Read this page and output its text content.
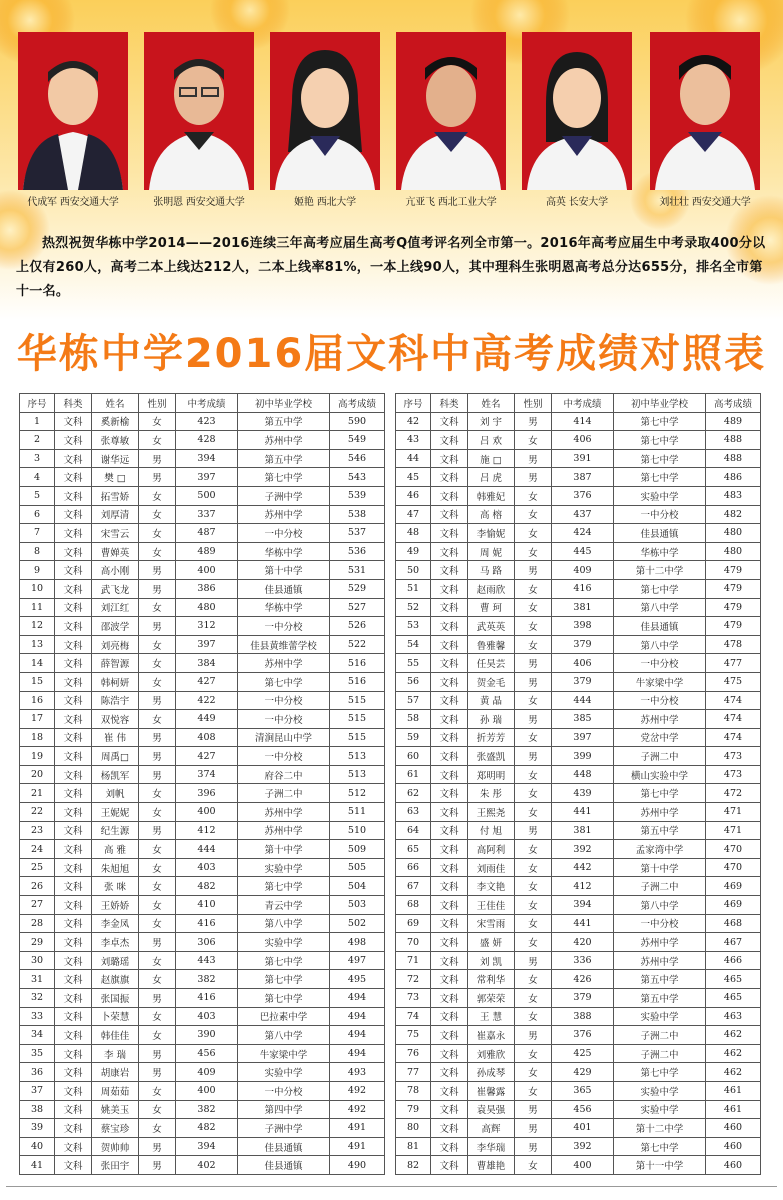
代成军 西安交通大学	张明恩 西安交通大学	姬艳 西北大学	亢亚飞 西北工业大学	高英 长安大学	刘壮壮 西安交通大学
热烈祝贺华栋中学2014——2016连续三年高考应届生高考Q值考评名列全市第一。2016年高考应届生中考录取400分以上仅有260人，高考二本上线达212人，二本上线率81%，一本上线90人，其中理科生张明恩高考总分达655分，排名全市第十一名。
华栋中学2016届文科中高考成绩对照表
序号	科类	姓名	性别	中考成绩	初中毕业学校	高考成绩
1	文科	奚新榆	女	423	第五中学	590
2	文科	张尊敏	女	428	苏州中学	549
3	文科	谢华远	男	394	第五中学	546
4	文科	樊 □	男	397	第七中学	543
5	文科	拓雪娇	女	500	子洲中学	539
6	文科	刘厚清	女	337	苏州中学	538
7	文科	宋雪云	女	487	一中分校	537
8	文科	曹婵英	女	489	华栋中学	536
9	文科	高小刚	男	400	第十中学	531
10	文科	武飞龙	男	386	佳县通镇	529
11	文科	刘江红	女	480	华栋中学	527
12	文科	邵波学	男	312	一中分校	526
13	文科	刘亮梅	女	397	佳县黄维蕾学校	522
14	文科	薛智源	女	384	苏州中学	516
15	文科	韩柯妍	女	427	第七中学	516
16	文科	陈浩宇	男	422	一中分校	515
17	文科	双悦容	女	449	一中分校	515
18	文科	崔 伟	男	408	清涧昆山中学	515
19	文科	周禹□	男	427	一中分校	513
20	文科	杨凯军	男	374	府谷二中	513
21	文科	刘帆	女	396	子洲二中	512
22	文科	王妮妮	女	400	苏州中学	511
23	文科	纪生源	男	412	苏州中学	510
24	文科	高 雅	女	444	第十中学	509
25	文科	朱旭旭	女	403	实验中学	505
26	文科	张 咪	女	482	第七中学	504
27	文科	王娇娇	女	410	青云中学	503
28	文科	李金凤	女	416	第八中学	502
29	文科	李卓杰	男	306	实验中学	498
30	文科	刘璐瑶	女	443	第七中学	497
31	文科	赵旗旗	女	382	第七中学	495
32	文科	张国振	男	416	第七中学	494
33	文科	卜荣慧	女	403	巴拉素中学	494
34	文科	韩佳佳	女	390	第八中学	494
35	文科	李 瑞	男	456	牛家梁中学	494
36	文科	胡康岩	男	409	实验中学	493
37	文科	周茹茹	女	400	一中分校	492
38	文科	姚美玉	女	382	第四中学	492
39	文科	蔡宝珍	女	482	子洲中学	491
40	文科	贺帅帅	男	394	佳县通镇	491
41	文科	张田宇	男	402	佳县通镇	490
序号	科类	姓名	性别	中考成绩	初中毕业学校	高考成绩
42	文科	刘 宇	男	414	第七中学	489
43	文科	吕 欢	女	406	第七中学	488
44	文科	施 □	男	391	第七中学	488
45	文科	吕 虎	男	387	第七中学	486
46	文科	韩雅妃	女	376	实验中学	483
47	文科	高 榕	女	437	一中分校	482
48	文科	李愉妮	女	424	佳县通镇	480
49	文科	周 妮	女	445	华栋中学	480
50	文科	马 路	男	409	第十二中学	479
51	文科	赵雨欣	女	416	第七中学	479
52	文科	曹 珂	女	381	第八中学	479
53	文科	武英英	女	398	佳县通镇	479
54	文科	鲁雅馨	女	379	第八中学	478
55	文科	任昊芸	男	406	一中分校	477
56	文科	贺金毛	男	379	牛家梁中学	475
57	文科	黄 晶	女	444	一中分校	474
58	文科	孙 瑞	男	385	苏州中学	474
59	文科	折芳芳	女	397	党岔中学	474
60	文科	张盛凯	男	399	子洲二中	473
61	文科	郑明明	女	448	横山实验中学	473
62	文科	朱 彤	女	439	第七中学	472
63	文科	王熙尧	女	441	苏州中学	471
64	文科	付 旭	男	381	第五中学	471
65	文科	高阿利	女	392	孟家湾中学	470
66	文科	刘雨佳	女	442	第十中学	470
67	文科	李文艳	女	412	子洲二中	469
68	文科	王佳佳	女	394	第八中学	469
69	文科	宋雪雨	女	441	一中分校	468
70	文科	盛 妍	女	420	苏州中学	467
71	文科	刘 凯	男	336	苏州中学	466
72	文科	常利华	女	426	第五中学	465
73	文科	郭荣荣	女	379	第五中学	465
74	文科	王 慧	女	388	实验中学	463
75	文科	崔嘉永	男	376	子洲二中	462
76	文科	刘雅欣	女	425	子洲二中	462
77	文科	孙成琴	女	429	第七中学	462
78	文科	崔馨露	女	365	实验中学	461
79	文科	袁昊强	男	456	实验中学	461
80	文科	高辉	男	401	第十二中学	460
81	文科	李华瑞	男	392	第七中学	460
82	文科	曹雄艳	女	400	第十一中学	460
